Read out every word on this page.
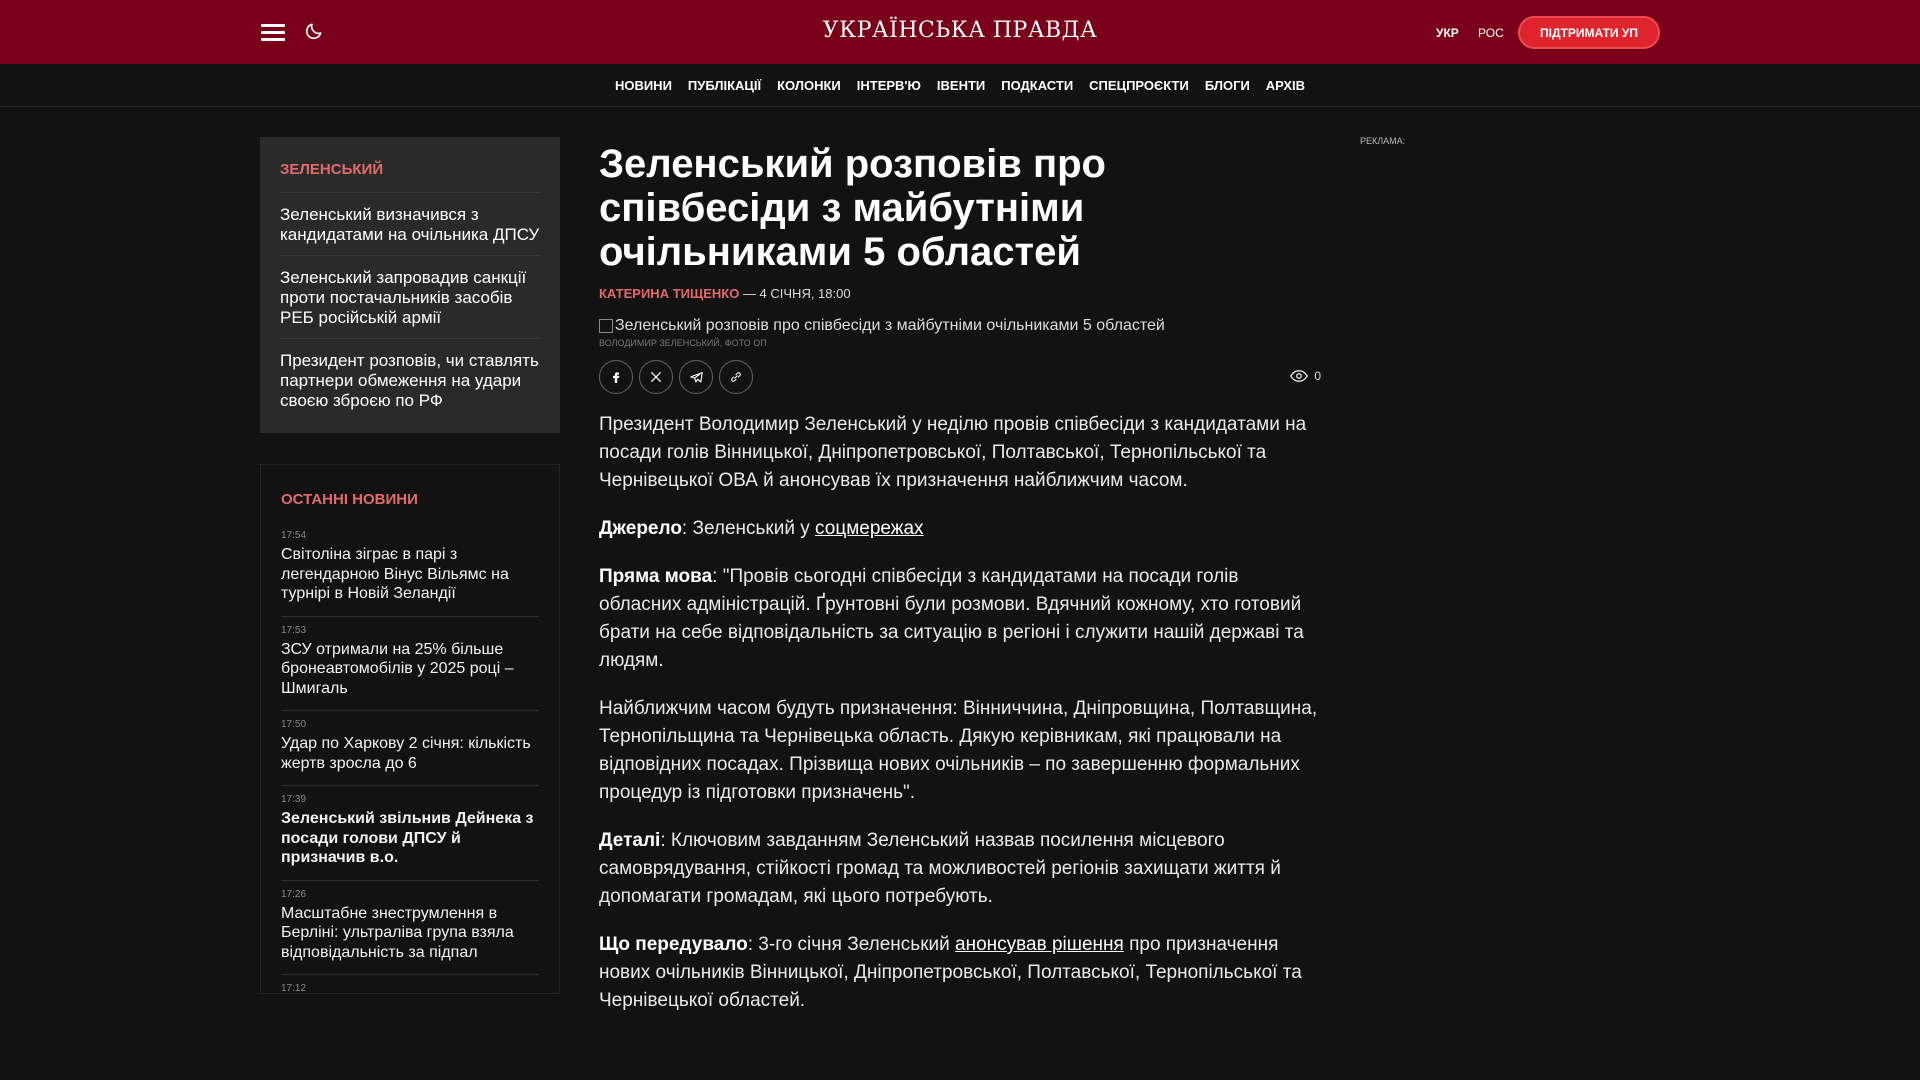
УКРАЇНСЬКА ПРАВДА	УКР РОС	ПІДТРИМАТИ УП
НОВИНИ ПУБЛІКАЦІЇ КОЛОНКИ ІНТЕРВ'Ю ІВЕНТИ ПОДКАСТИ СПЕЦПРОЄКТИ БЛОГИ АРХІВ
ЗЕЛЕНСЬКИЙ
Зеленський визначився з кандидатами на очільника ДПСУ
Зеленський запровадив санкції проти постачальників засобів РЕБ російській армії
Президент розповів, чи ставлять партнери обмеження на удари своєю зброєю по РФ
ОСТАННІ НОВИНИ
17:54
Світоліна зіграє в парі з легендарною Вінус Вільямс на турнірі в Новій Зеландії
17:53
ЗСУ отримали на 25% більше бронеавтомобілів у 2025 році – Шмигаль
17:50
Удар по Харкову 2 січня: кількість жертв зросла до 6
17:39
Зеленський звільнив Дейнека з посади голови ДПСУ й призначив в.о.
17:26
Масштабне знеструмлення в Берліні: ультраліва група взяла відповідальність за підпал
17:12
Зеленський розповів про співбесіди з майбутніми очільниками 5 областей
КАТЕРИНА ТИЩЕНКО — 4 СІЧНЯ, 18:00
Зеленський розповів про співбесіди з майбутніми очільниками 5 областей
ВОЛОДИМИР ЗЕЛЕНСЬКИЙ, ФОТО ОП
0

Президент Володимир Зеленський у неділю провів співбесіди з кандидатами на посади голів Вінницької, Дніпропетровської, Полтавської, Тернопільської та Чернівецької ОВА й анонсував їх призначення найближчим часом.

Джерело: Зеленський у соцмережах

Пряма мова: "Провів сьогодні співбесіди з кандидатами на посади голів обласних адміністрацій. Ґрунтовні були розмови. Вдячний кожному, хто готовий брати на себе відповідальність за ситуацію в регіоні і служити нашій державі та людям.

Найближчим часом будуть призначення: Вінниччина, Дніпровщина, Полтавщина, Тернопільщина та Чернівецька область. Дякую керівникам, які працювали на відповідних посадах. Прізвища нових очільників – по завершенню формальних процедур із підготовки призначень".

Деталі: Ключовим завданням Зеленський назвав посилення місцевого самоврядування, стійкості громад та можливостей регіонів захищати життя й допомагати громадам, які цього потребують.

Що передувало: 3-го січня Зеленський анонсував рішення про призначення нових очільників Вінницької, Дніпропетровської, Полтавської, Тернопільської та Чернівецької областей.

РЕКЛАМА:
